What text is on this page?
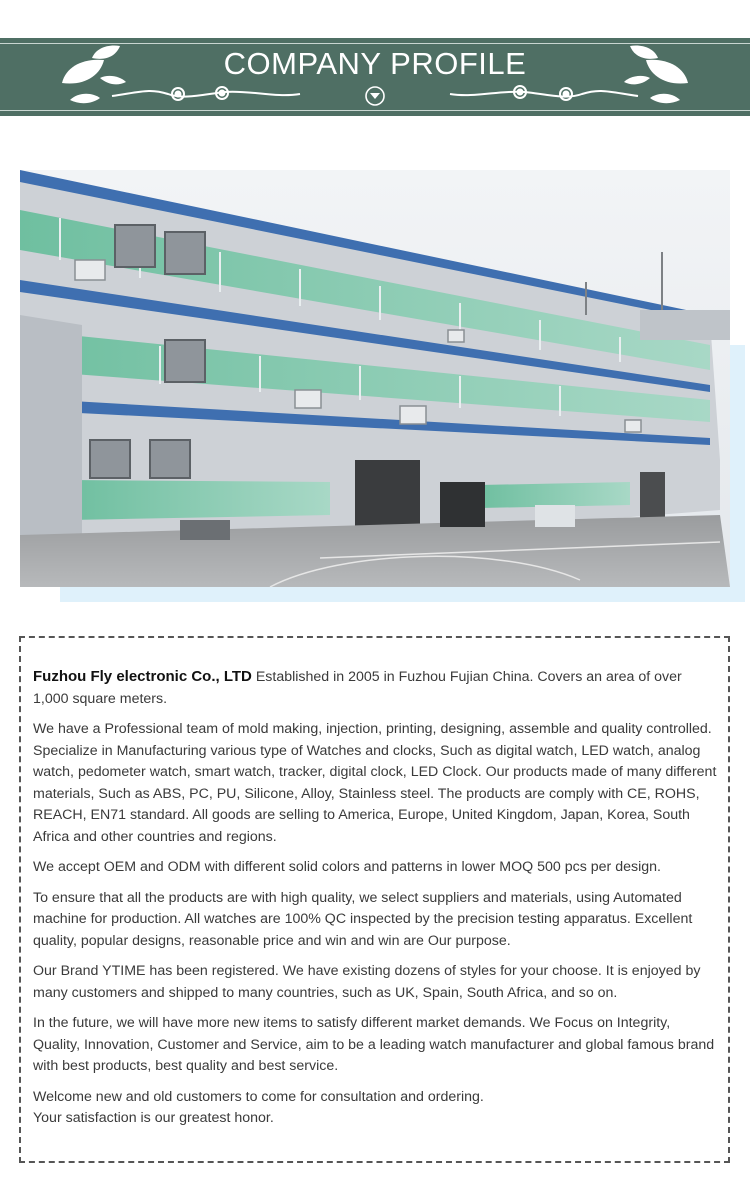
COMPANY PROFILE

Fuzhou Fly electronic Co., LTD Established in 2005 in Fuzhou Fujian China. Covers an area of over 1,000 square meters.

We have a Professional team of mold making, injection, printing, designing, assemble and quality controlled. Specialize in Manufacturing various type of Watches and clocks, Such as digital watch, LED watch, analog watch, pedometer watch, smart watch, tracker, digital clock, LED Clock. Our products made of many different materials, Such as ABS, PC, PU, Silicone, Alloy, Stainless steel. The products are comply with CE, ROHS, REACH, EN71 standard. All goods are selling to America, Europe, United Kingdom, Japan, Korea, South Africa and other countries and regions.

We accept OEM and ODM with different solid colors and patterns in lower MOQ 500 pcs per design.

To ensure that all the products are with high quality, we select suppliers and materials, using Automated machine for production. All watches are 100% QC inspected by the precision testing apparatus. Excellent quality, popular designs, reasonable price and win and win are Our purpose.

Our Brand YTIME has been registered. We have existing dozens of styles for your choose. It is enjoyed by many customers and shipped to many countries, such as UK, Spain, South Africa, and so on.

In the future, we will have more new items to satisfy different market demands. We Focus on Integrity, Quality, Innovation, Customer and Service, aim to be a leading watch manufacturer and global famous brand with best products, best quality and best service.

Welcome new and old customers to come for consultation and ordering.
Your satisfaction is our greatest honor.
